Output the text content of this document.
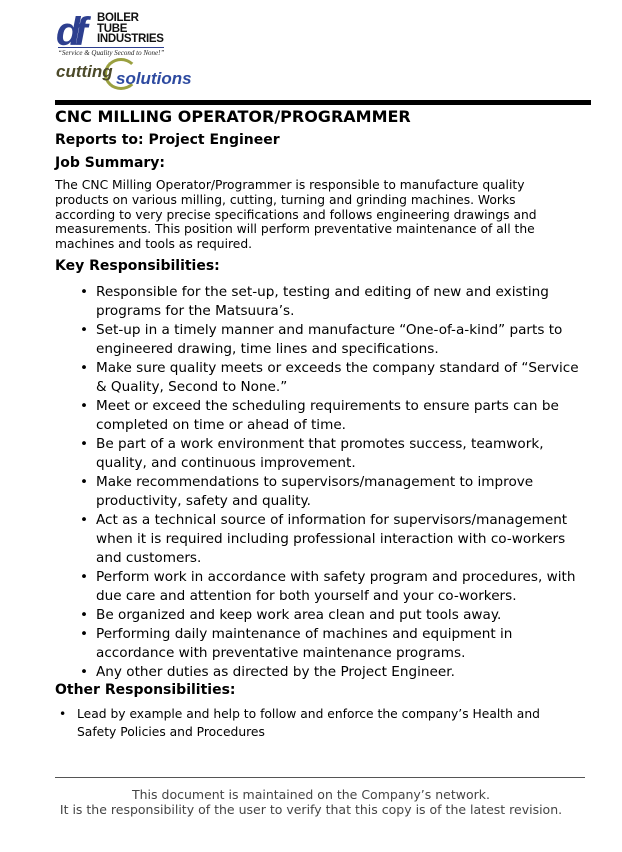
df BOILER
TUBE
INDUSTRIES
“Service & Quality Second to None!”
cutting solutions
CNC MILLING OPERATOR/PROGRAMMER
Reports to: Project Engineer
Job Summary:
The CNC Milling Operator/Programmer is responsible to manufacture quality
products on various milling, cutting, turning and grinding machines. Works
according to very precise specifications and follows engineering drawings and
measurements. This position will perform preventative maintenance of all the
machines and tools as required.
Key Responsibilities:
• Responsible for the set-up, testing and editing of new and existing
programs for the Matsuura’s.
• Set-up in a timely manner and manufacture “One-of-a-kind” parts to
engineered drawing, time lines and specifications.
• Make sure quality meets or exceeds the company standard of “Service
& Quality, Second to None.”
• Meet or exceed the scheduling requirements to ensure parts can be
completed on time or ahead of time.
• Be part of a work environment that promotes success, teamwork,
quality, and continuous improvement.
• Make recommendations to supervisors/management to improve
productivity, safety and quality.
• Act as a technical source of information for supervisors/management
when it is required including professional interaction with co-workers
and customers.
• Perform work in accordance with safety program and procedures, with
due care and attention for both yourself and your co-workers.
• Be organized and keep work area clean and put tools away.
• Performing daily maintenance of machines and equipment in
accordance with preventative maintenance programs.
• Any other duties as directed by the Project Engineer.
Other Responsibilities:
• Lead by example and help to follow and enforce the company’s Health and
Safety Policies and Procedures
This document is maintained on the Company’s network.
It is the responsibility of the user to verify that this copy is of the latest revision.
